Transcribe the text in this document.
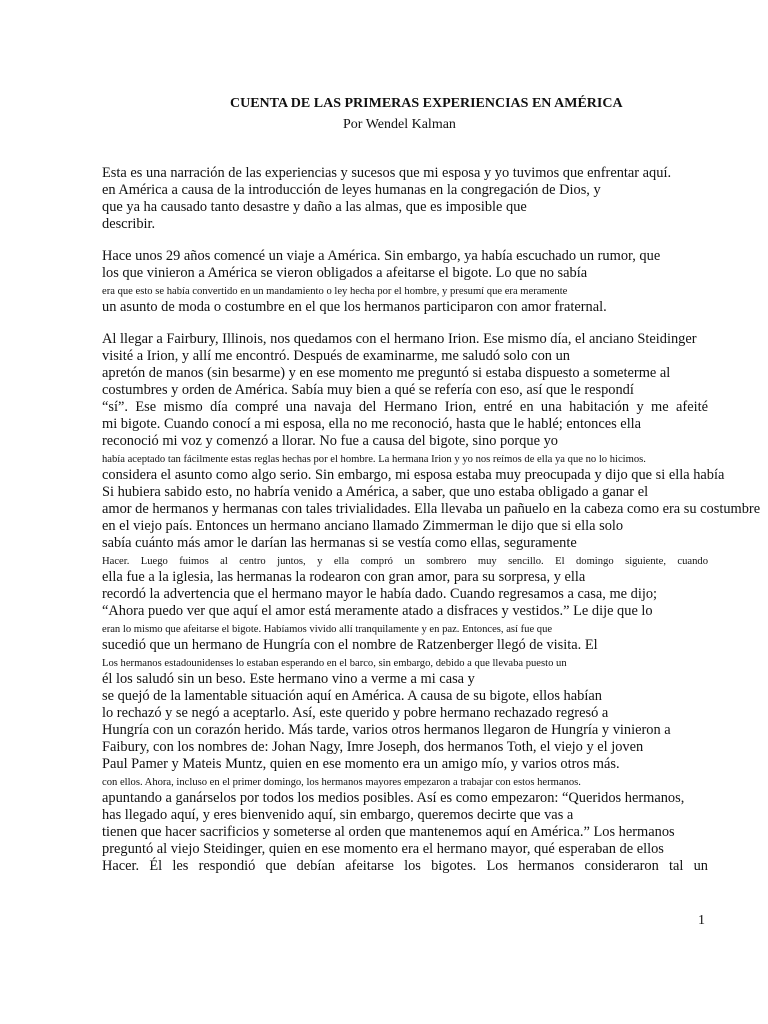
CUENTA DE LAS PRIMERAS EXPERIENCIAS EN AMÉRICA
Por Wendel Kalman
Esta es una narración de las experiencias y sucesos que mi esposa y yo tuvimos que enfrentar aquí.
en América a causa de la introducción de leyes humanas en la congregación de Dios, y
que ya ha causado tanto desastre y daño a las almas, que es imposible que
describir.
Hace unos 29 años comencé un viaje a América. Sin embargo, ya había escuchado un rumor, que
los que vinieron a América se vieron obligados a afeitarse el bigote. Lo que no sabía
era que esto se había convertido en un mandamiento o ley hecha por el hombre, y presumí que era meramente
un asunto de moda o costumbre en el que los hermanos participaron con amor fraternal.
Al llegar a Fairbury, Illinois, nos quedamos con el hermano Irion. Ese mismo día, el anciano Steidinger
visité a Irion, y allí me encontró. Después de examinarme, me saludó solo con un
apretón de manos (sin besarme) y en ese momento me preguntó si estaba dispuesto a someterme al
costumbres y orden de América. Sabía muy bien a qué se refería con eso, así que le respondí
“sí”. Ese mismo día compré una navaja del Hermano Irion, entré en una habitación y me afeité
mi bigote. Cuando conocí a mi esposa, ella no me reconoció, hasta que le hablé; entonces ella
reconoció mi voz y comenzó a llorar. No fue a causa del bigote, sino porque yo
había aceptado tan fácilmente estas reglas hechas por el hombre. La hermana Irion y yo nos reímos de ella ya que no lo hicimos.
considera el asunto como algo serio. Sin embargo, mi esposa estaba muy preocupada y dijo que si ella había
Si hubiera sabido esto, no habría venido a América, a saber, que uno estaba obligado a ganar el
amor de hermanos y hermanas con tales trivialidades. Ella llevaba un pañuelo en la cabeza como era su costumbre
en el viejo país. Entonces un hermano anciano llamado Zimmerman le dijo que si ella solo
sabía cuánto más amor le darían las hermanas si se vestía como ellas, seguramente
Hacer. Luego fuimos al centro juntos, y ella compró un sombrero muy sencillo. El domingo siguiente, cuando
ella fue a la iglesia, las hermanas la rodearon con gran amor, para su sorpresa, y ella
recordó la advertencia que el hermano mayor le había dado. Cuando regresamos a casa, me dijo;
“Ahora puedo ver que aquí el amor está meramente atado a disfraces y vestidos.” Le dije que lo
eran lo mismo que afeitarse el bigote. Habíamos vivido allí tranquilamente y en paz. Entonces, así fue que
sucedió que un hermano de Hungría con el nombre de Ratzenberger llegó de visita. El
Los hermanos estadounidenses lo estaban esperando en el barco, sin embargo, debido a que llevaba puesto un
él los saludó sin un beso. Este hermano vino a verme a mi casa y
se quejó de la lamentable situación aquí en América. A causa de su bigote, ellos habían
lo rechazó y se negó a aceptarlo. Así, este querido y pobre hermano rechazado regresó a
Hungría con un corazón herido. Más tarde, varios otros hermanos llegaron de Hungría y vinieron a
Faibury, con los nombres de: Johan Nagy, Imre Joseph, dos hermanos Toth, el viejo y el joven
Paul Pamer y Mateis Muntz, quien en ese momento era un amigo mío, y varios otros más.
con ellos. Ahora, incluso en el primer domingo, los hermanos mayores empezaron a trabajar con estos hermanos.
apuntando a ganárselos por todos los medios posibles. Así es como empezaron: “Queridos hermanos,
has llegado aquí, y eres bienvenido aquí, sin embargo, queremos decirte que vas a
tienen que hacer sacrificios y someterse al orden que mantenemos aquí en América.” Los hermanos
preguntó al viejo Steidinger, quien en ese momento era el hermano mayor, qué esperaban de ellos
Hacer. Él les respondió que debían afeitarse los bigotes. Los hermanos consideraron tal un
1
